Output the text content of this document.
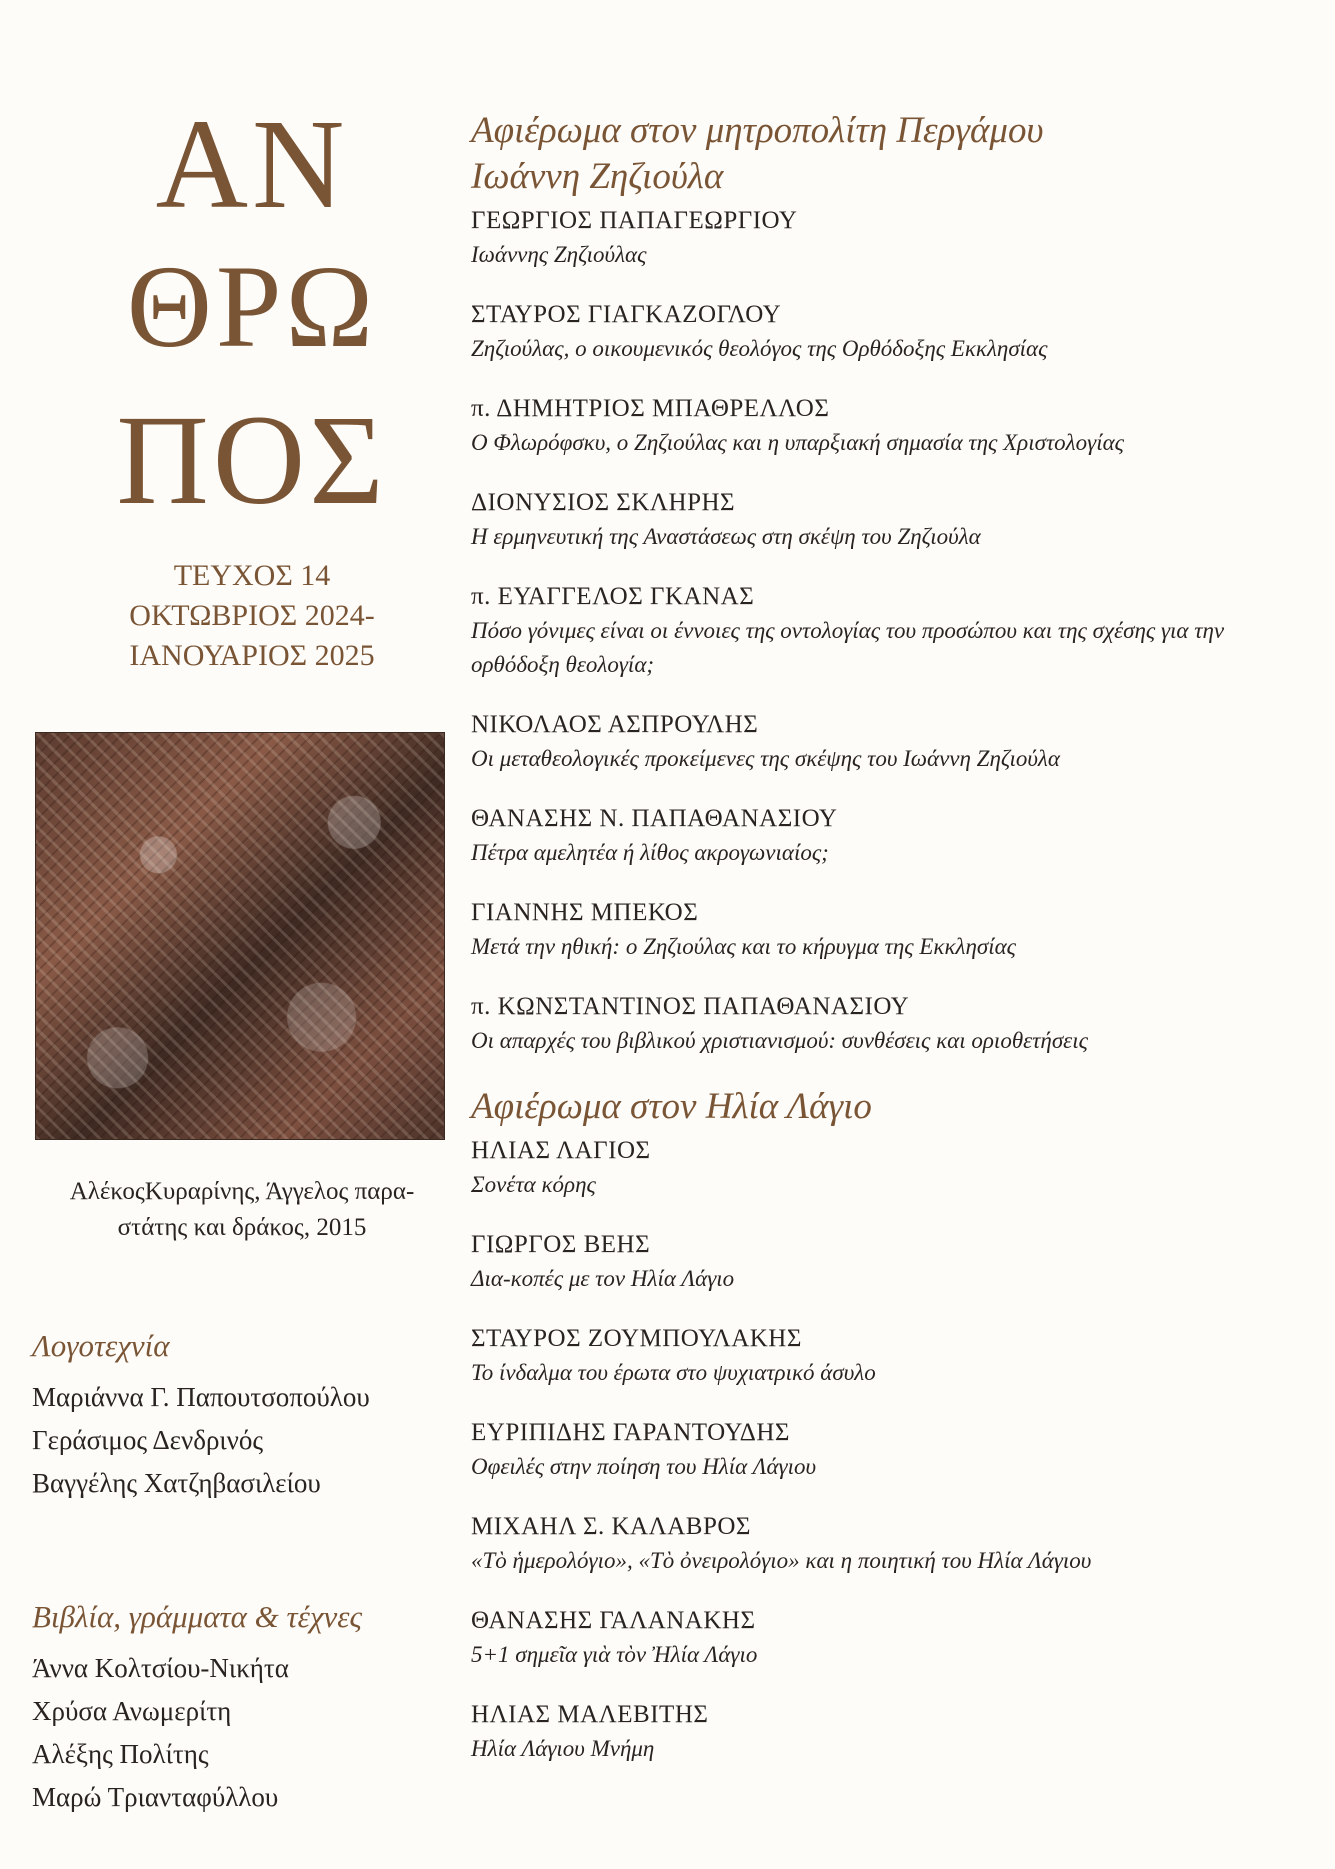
ΑΝ
ΘΡΩ
ΠΟΣ
ΤΕΥΧΟΣ 14
ΟΚΤΩΒΡΙΟΣ 2024-
ΙΑΝΟΥΑΡΙΟΣ 2025
ΑλέκοςΚυραρίνης, Άγγελος παρα-
στάτης και δράκος, 2015
Λογοτεχνία
Μαριάννα Γ. Παπουτσοπούλου
Γεράσιμος Δενδρινός
Βαγγέλης Χατζηβασιλείου
Βιβλία, γράμματα & τέχνες
Άννα Κολτσίου-Νικήτα
Χρύσα Ανωμερίτη
Αλέξης Πολίτης
Μαρώ Τριανταφύλλου
Αφιέρωμα στον μητροπολίτη Περγάμου
Ιωάννη Ζηζιούλα
ΓΕΩΡΓΙΟΣ ΠΑΠΑΓΕΩΡΓΙΟΥ
Ιωάννης Ζηζιούλας
ΣΤΑΥΡΟΣ ΓΙΑΓΚΑΖΟΓΛΟΥ
Ζηζιούλας, ο οικουμενικός θεολόγος της Ορθόδοξης Εκκλησίας
π. ΔΗΜΗΤΡΙΟΣ ΜΠΑΘΡΕΛΛΟΣ
Ο Φλωρόφσκυ, ο Ζηζιούλας και η υπαρξιακή σημασία της Χριστολογίας
ΔΙΟΝΥΣΙΟΣ ΣΚΛΗΡΗΣ
Η ερμηνευτική της Αναστάσεως στη σκέψη του Ζηζιούλα
π. ΕΥΑΓΓΕΛΟΣ ΓΚΑΝΑΣ
Πόσο γόνιμες είναι οι έννοιες της οντολογίας του προσώπου και της σχέσης για την ορθόδοξη θεολογία;
ΝΙΚΟΛΑΟΣ ΑΣΠΡΟΥΛΗΣ
Οι μεταθεολογικές προκείμενες της σκέψης του Ιωάννη Ζηζιούλα
ΘΑΝΑΣΗΣ Ν. ΠΑΠΑΘΑΝΑΣΙΟΥ
Πέτρα αμελητέα ή λίθος ακρογωνιαίος;
ΓΙΑΝΝΗΣ ΜΠΕΚΟΣ
Μετά την ηθική: ο Ζηζιούλας και το κήρυγμα της Εκκλησίας
π. ΚΩΝΣΤΑΝΤΙΝΟΣ ΠΑΠΑΘΑΝΑΣΙΟΥ
Οι απαρχές του βιβλικού χριστιανισμού: συνθέσεις και οριοθετήσεις
Αφιέρωμα στον Ηλία Λάγιο
ΗΛΙΑΣ ΛΑΓΙΟΣ
Σονέτα κόρης
ΓΙΩΡΓΟΣ ΒΕΗΣ
Δια-κοπές με τον Ηλία Λάγιο
ΣΤΑΥΡΟΣ ΖΟΥΜΠΟΥΛΑΚΗΣ
Το ίνδαλμα του έρωτα στο ψυχιατρικό άσυλο
ΕΥΡΙΠΙΔΗΣ ΓΑΡΑΝΤΟΥΔΗΣ
Οφειλές στην ποίηση του Ηλία Λάγιου
ΜΙΧΑΗΛ Σ. ΚΑΛΑΒΡΟΣ
«Τὸ ἡμερολόγιο», «Τὸ ὀνειρολόγιο» και η ποιητική του Ηλία Λάγιου
ΘΑΝΑΣΗΣ ΓΑΛΑΝΑΚΗΣ
5+1 σημεῖα γιὰ τὸν Ἠλία Λάγιο
ΗΛΙΑΣ ΜΑΛΕΒΙΤΗΣ
Ηλία Λάγιου Μνήμη
